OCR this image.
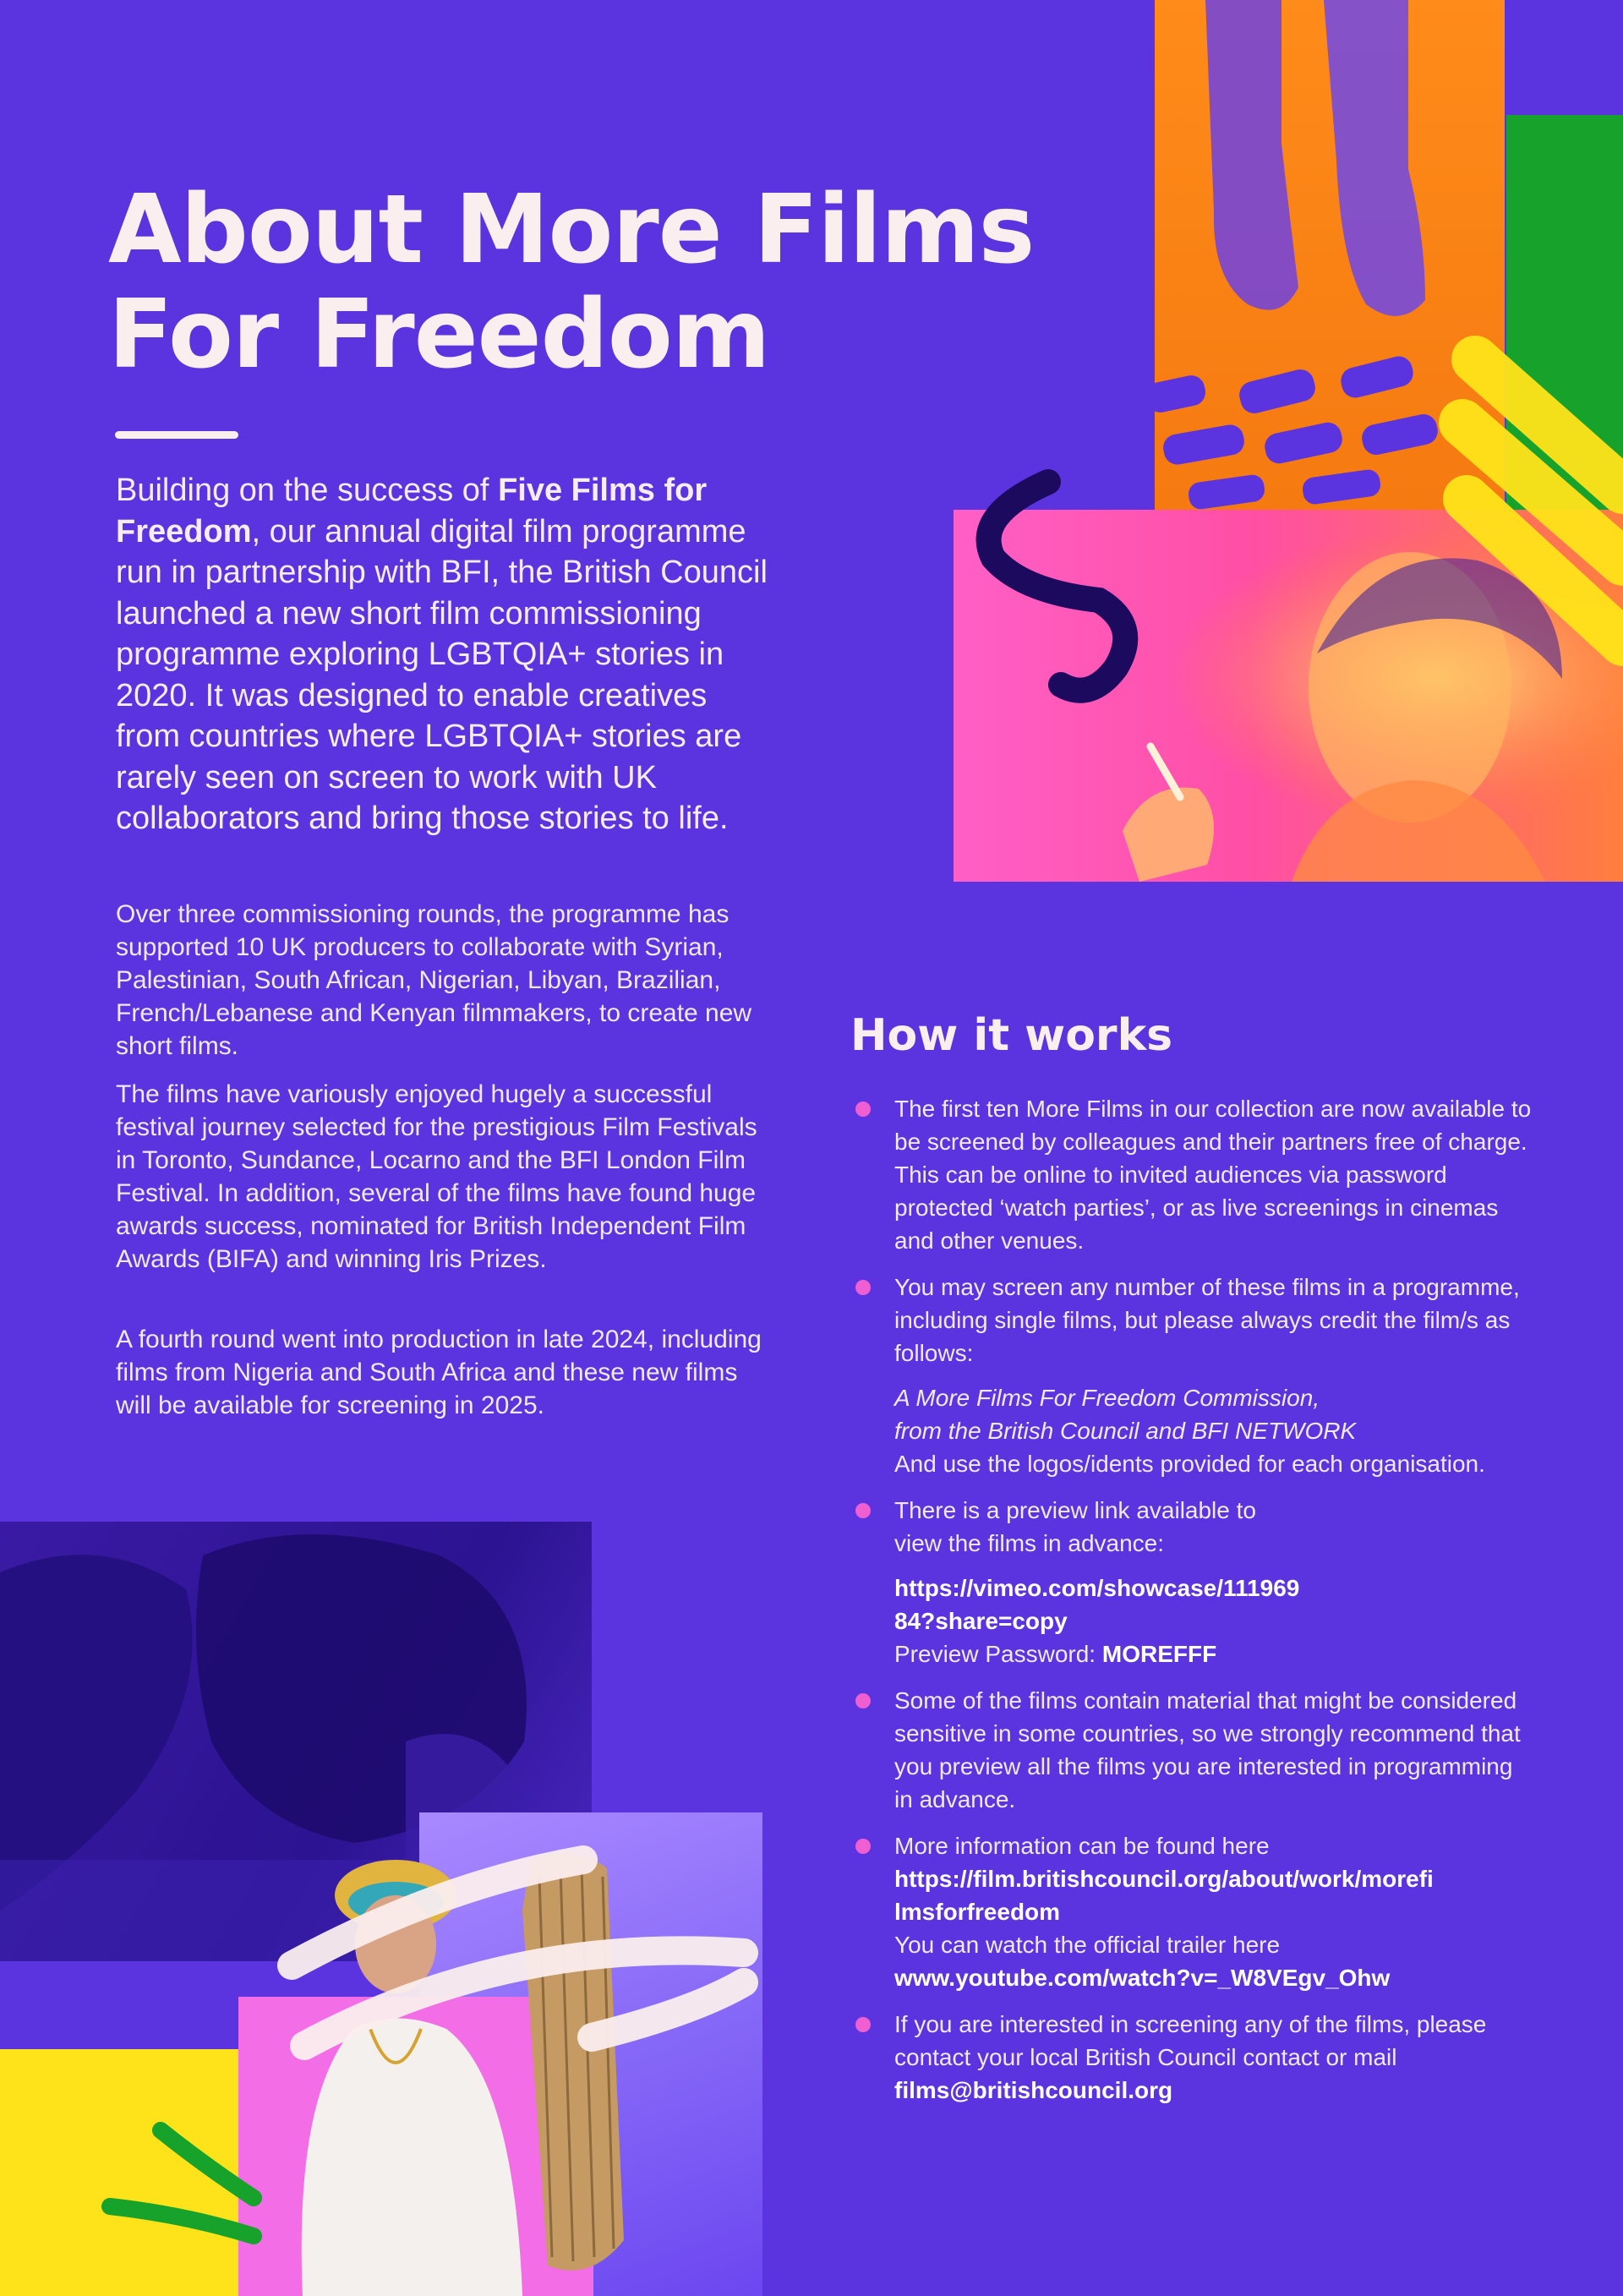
About More Films
For Freedom

Building on the success of Five Films for Freedom, our annual digital film programme run in partnership with BFI, the British Council launched a new short film commissioning programme exploring LGBTQIA+ stories in 2020. It was designed to enable creatives from countries where LGBTQIA+ stories are rarely seen on screen to work with UK collaborators and bring those stories to life.

Over three commissioning rounds, the programme has supported 10 UK producers to collaborate with Syrian, Palestinian, South African, Nigerian, Libyan, Brazilian, French/Lebanese and Kenyan filmmakers, to create new short films.

The films have variously enjoyed hugely a successful festival journey selected for the prestigious Film Festivals in Toronto, Sundance, Locarno and the BFI London Film Festival. In addition, several of the films have found huge awards success, nominated for British Independent Film Awards (BIFA) and winning Iris Prizes.

A fourth round went into production in late 2024, including films from Nigeria and South Africa and these new films will be available for screening in 2025.

How it works

The first ten More Films in our collection are now available to be screened by colleagues and their partners free of charge. This can be online to invited audiences via password protected ‘watch parties’, or as live screenings in cinemas and other venues.

You may screen any number of these films in a programme, including single films, but please always credit the film/s as follows:

A More Films For Freedom Commission,
from the British Council and BFI NETWORK
And use the logos/idents provided for each organisation.

There is a preview link available to view the films in advance:

https://vimeo.com/showcase/11196984?share=copy
Preview Password: MOREFFF

Some of the films contain material that might be considered sensitive in some countries, so we strongly recommend that you preview all the films you are interested in programming in advance.

More information can be found here
https://film.britishcouncil.org/about/work/morefilmsforfreedom
You can watch the official trailer here
www.youtube.com/watch?v=_W8VEgv_Ohw

If you are interested in screening any of the films, please contact your local British Council contact or mail films@britishcouncil.org
